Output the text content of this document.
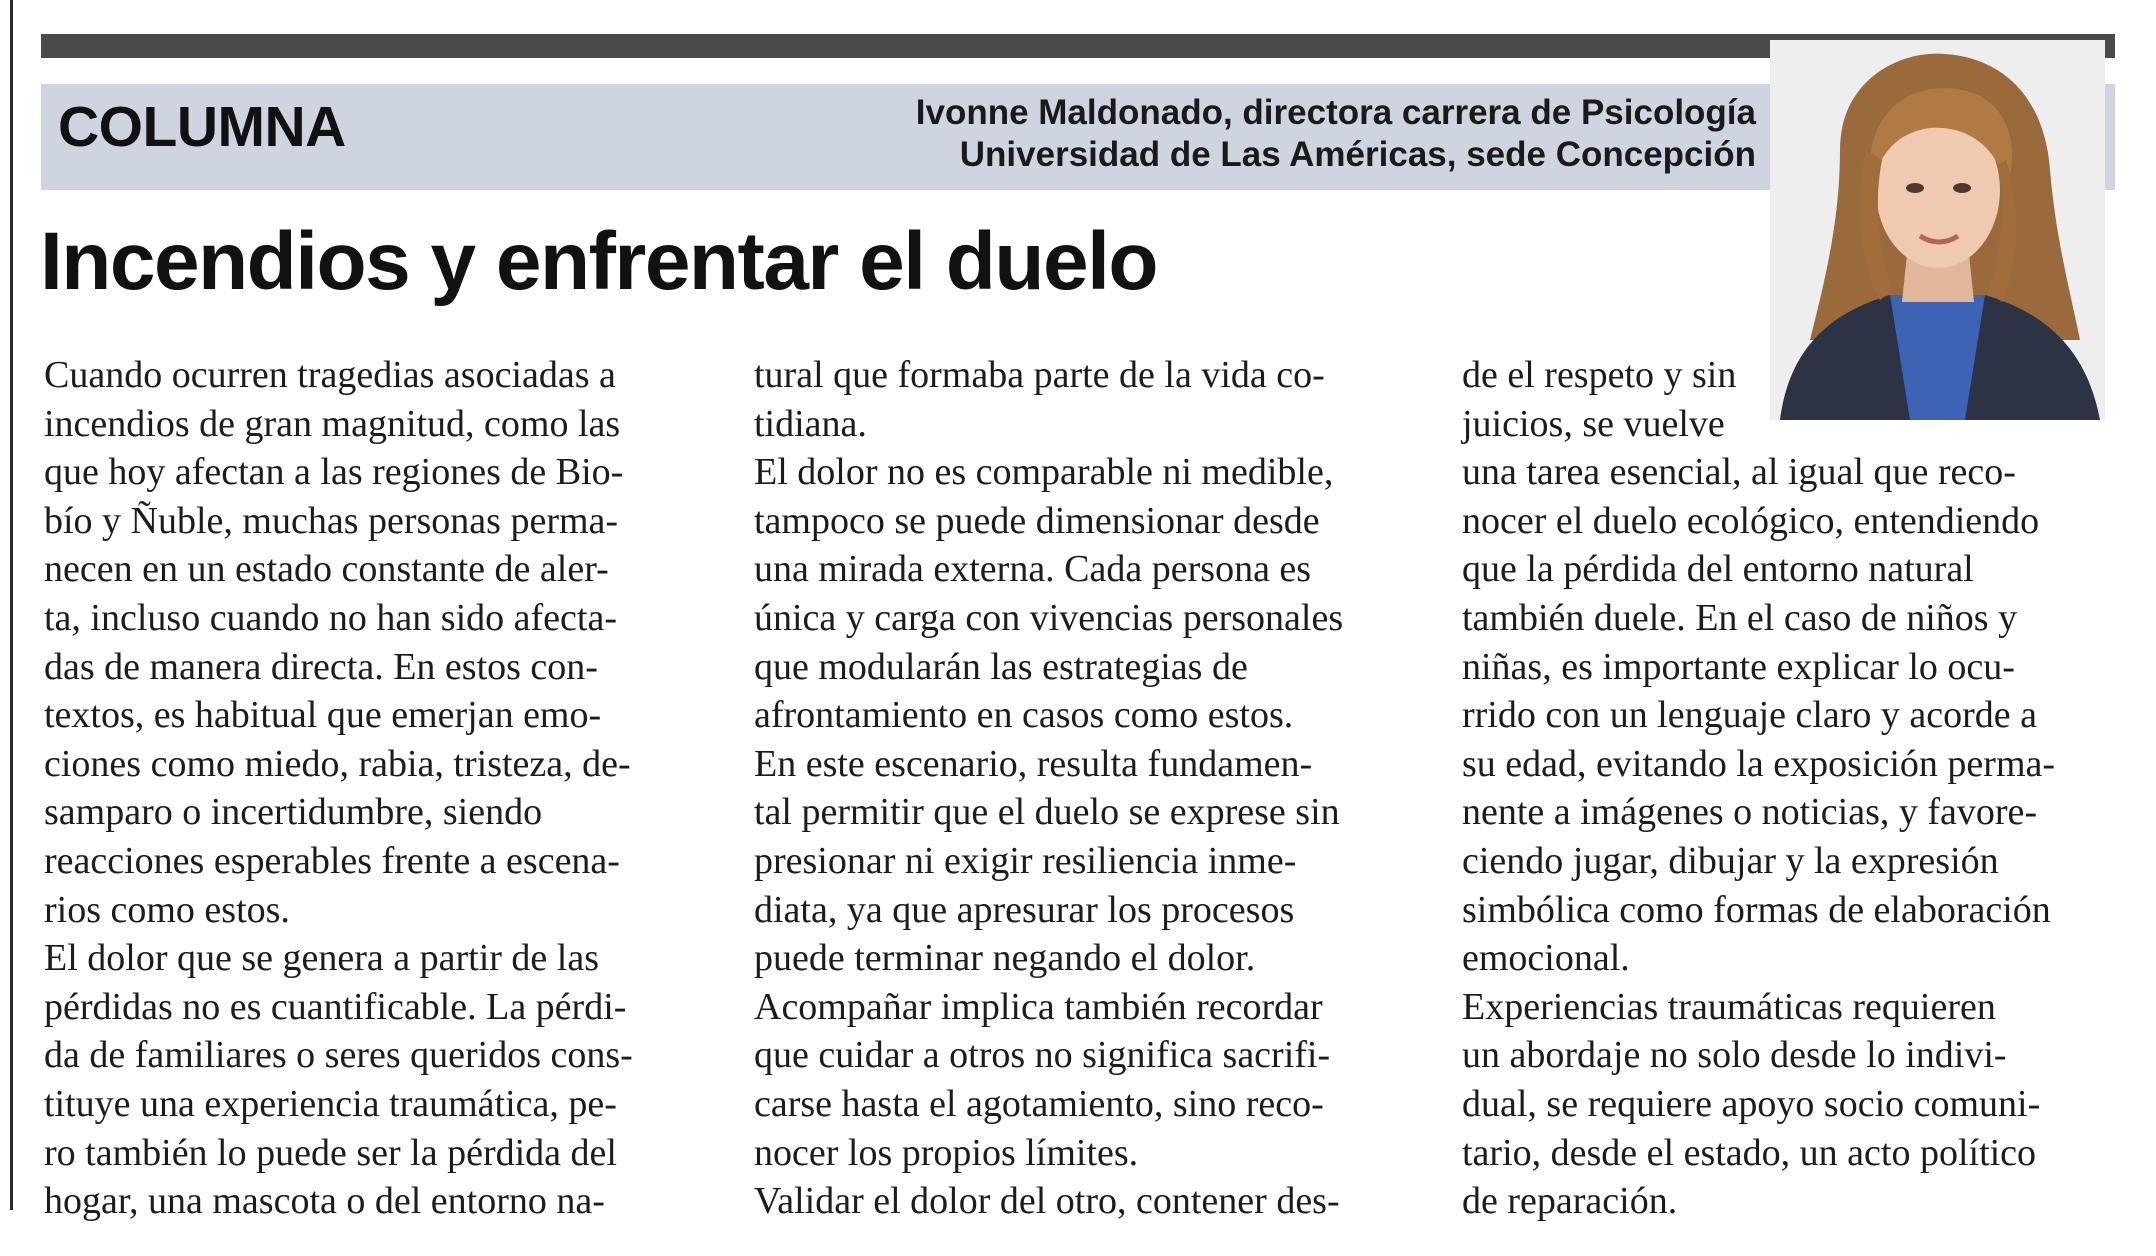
COLUMNA	Ivonne Maldonado, directora carrera de Psicología
Universidad de Las Américas, sede Concepción
Incendios y enfrentar el duelo
Cuando ocurren tragedias asociadas a
incendios de gran magnitud, como las
que hoy afectan a las regiones de Bio-
bío y Ñuble, muchas personas perma-
necen en un estado constante de aler-
ta, incluso cuando no han sido afecta-
das de manera directa. En estos con-
textos, es habitual que emerjan emo-
ciones como miedo, rabia, tristeza, de-
samparo o incertidumbre, siendo
reacciones esperables frente a escena-
rios como estos.
El dolor que se genera a partir de las
pérdidas no es cuantificable. La pérdi-
da de familiares o seres queridos cons-
tituye una experiencia traumática, pe-
ro también lo puede ser la pérdida del
hogar, una mascota o del entorno na-
tural que formaba parte de la vida co-
tidiana.
El dolor no es comparable ni medible,
tampoco se puede dimensionar desde
una mirada externa. Cada persona es
única y carga con vivencias personales
que modularán las estrategias de
afrontamiento en casos como estos.
En este escenario, resulta fundamen-
tal permitir que el duelo se exprese sin
presionar ni exigir resiliencia inme-
diata, ya que apresurar los procesos
puede terminar negando el dolor.
Acompañar implica también recordar
que cuidar a otros no significa sacrifi-
carse hasta el agotamiento, sino reco-
nocer los propios límites.
Validar el dolor del otro, contener des-
de el respeto y sin
juicios, se vuelve
una tarea esencial, al igual que reco-
nocer el duelo ecológico, entendiendo
que la pérdida del entorno natural
también duele. En el caso de niños y
niñas, es importante explicar lo ocu-
rrido con un lenguaje claro y acorde a
su edad, evitando la exposición perma-
nente a imágenes o noticias, y favore-
ciendo jugar, dibujar y la expresión
simbólica como formas de elaboración
emocional.
Experiencias traumáticas requieren
un abordaje no solo desde lo indivi-
dual, se requiere apoyo socio comuni-
tario, desde el estado, un acto político
de reparación.
